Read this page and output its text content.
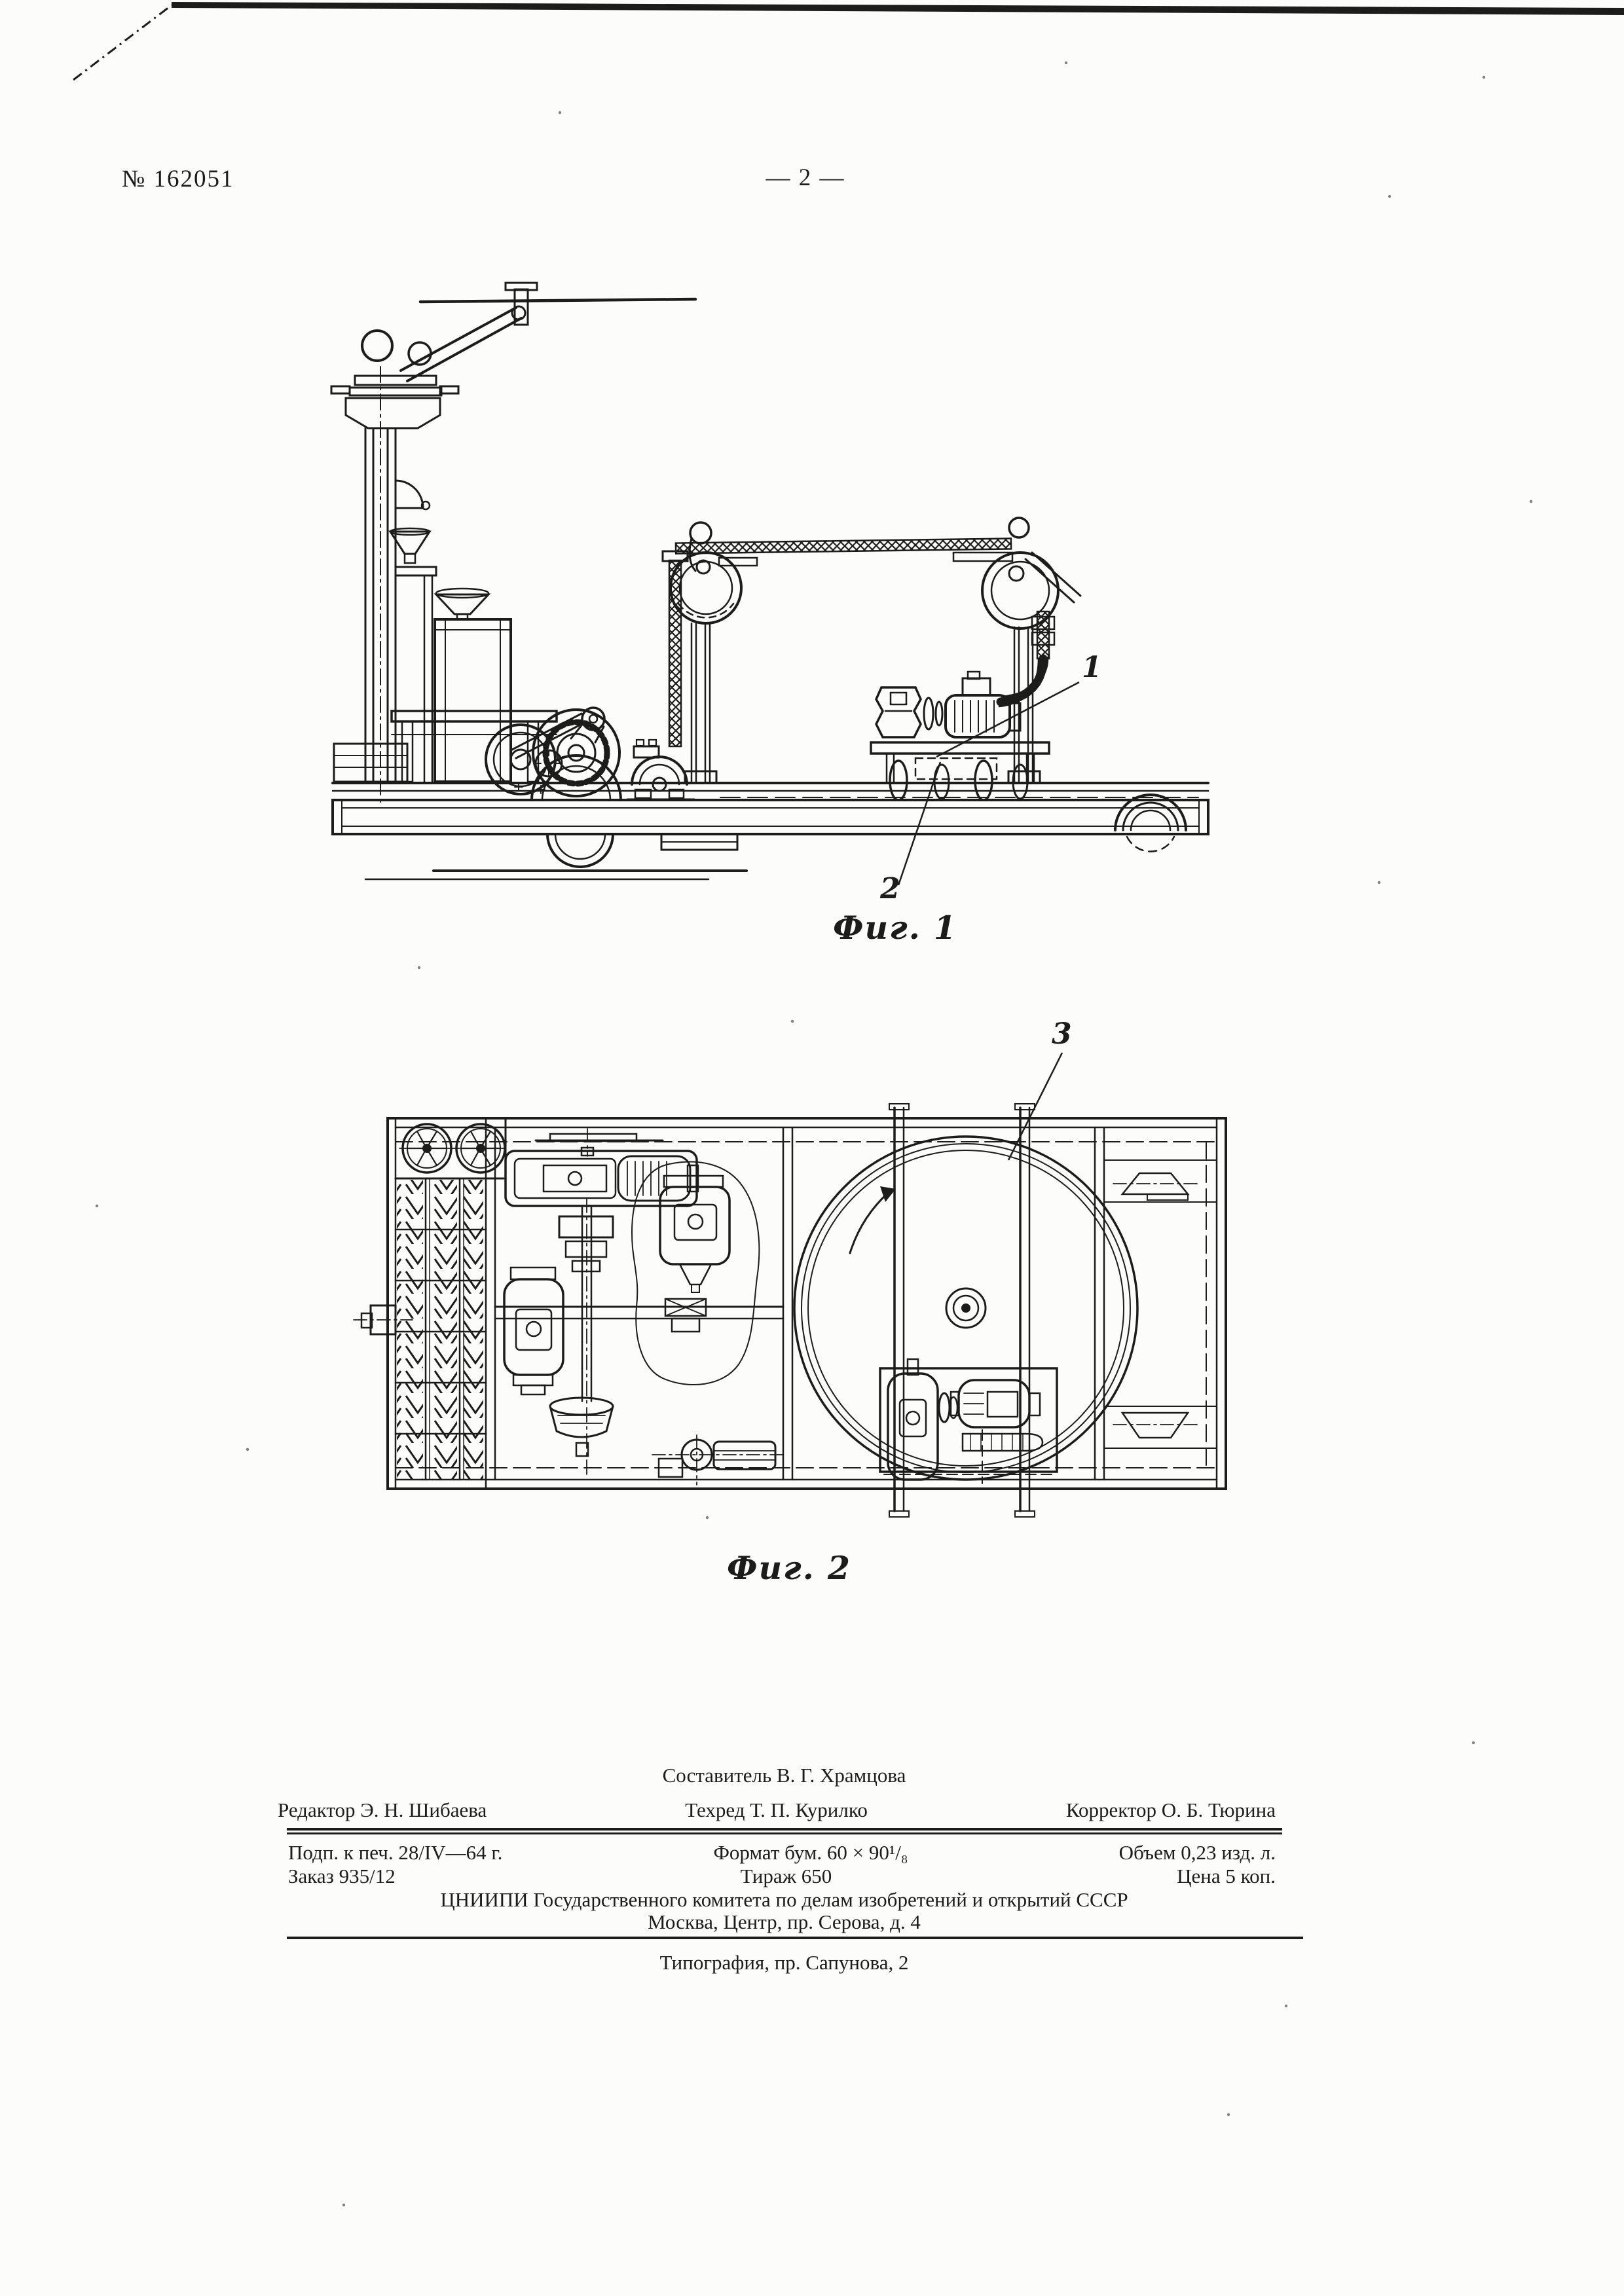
№ 162051	— 2 —
1
2
Фиг. 1
3
Фиг. 2
Составитель В. Г. Храмцова
Редактор Э. Н. Шибаева	Техред Т. П. Курилко	Корректор О. Б. Тюрина
Подп. к печ. 28/IV—64 г.	Формат бум. 60 × 90¹/₈	Объем 0,23 изд. л.
Заказ 935/12	Тираж 650	Цена 5 коп.
ЦНИИПИ Государственного комитета по делам изобретений и открытий СССР
Москва, Центр, пр. Серова, д. 4
Типография, пр. Сапунова, 2
